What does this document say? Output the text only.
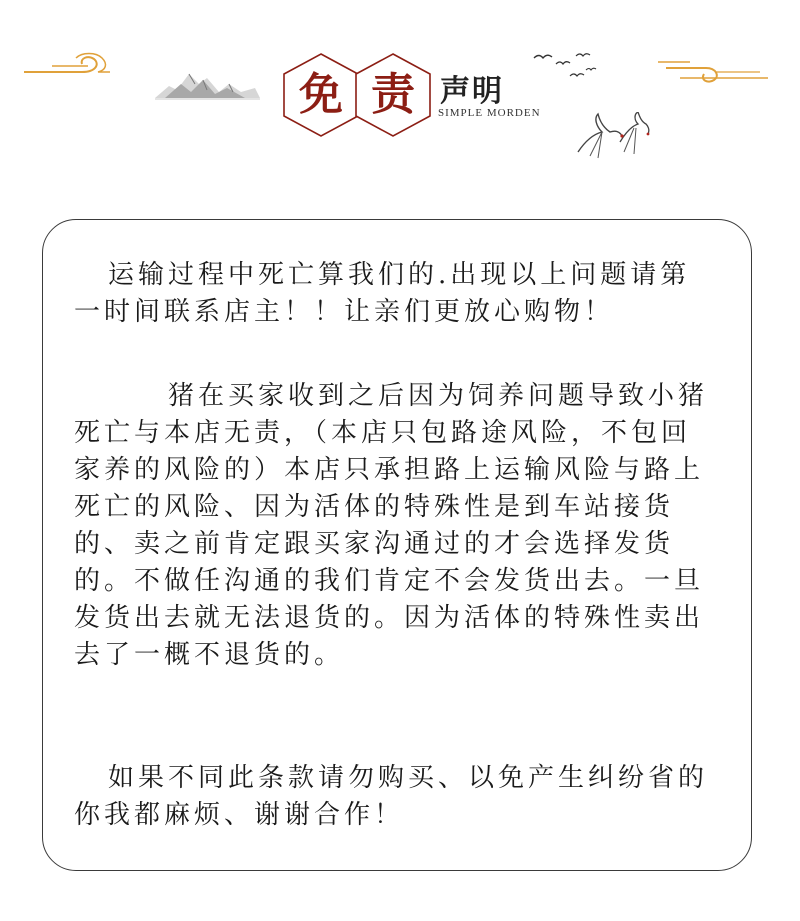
免 责 声明
SIMPLE MORDEN

运输过程中死亡算我们的.出现以上问题请第一时间联系店主！！让亲们更放心购物！

猪在买家收到之后因为饲养问题导致小猪死亡与本店无责，（本店只包路途风险，不包回家养的风险的）本店只承担路上运输风险与路上死亡的风险、因为活体的特殊性是到车站接货的、卖之前肯定跟买家沟通过的才会选择发货的。不做任沟通的我们肯定不会发货出去。一旦发货出去就无法退货的。因为活体的特殊性卖出去了一概不退货的。

如果不同此条款请勿购买、以免产生纠纷省的你我都麻烦、谢谢合作！
